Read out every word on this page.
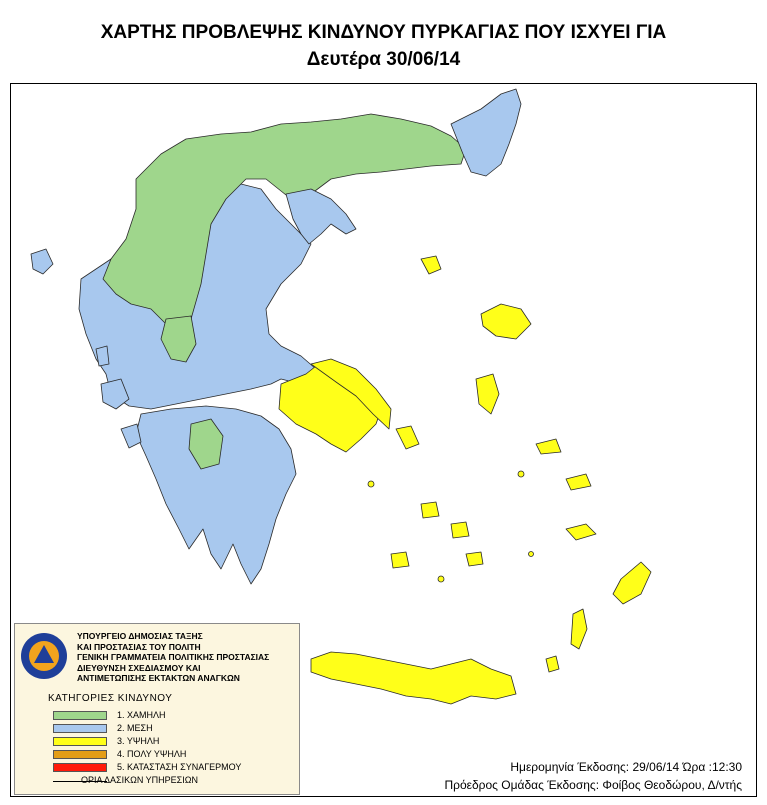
ΧΑΡΤΗΣ ΠΡΟΒΛΕΨΗΣ ΚΙΝΔΥΝΟΥ ΠΥΡΚΑΓΙΑΣ ΠΟΥ ΙΣΧΥΕΙ ΓΙΑ
Δευτέρα 30/06/14
ΥΠΟΥΡΓΕΙΟ ΔΗΜΟΣΙΑΣ ΤΑΞΗΣ
ΚΑΙ ΠΡΟΣΤΑΣΙΑΣ ΤΟΥ ΠΟΛΙΤΗ
ΓΕΝΙΚΗ ΓΡΑΜΜΑΤΕΙΑ ΠΟΛΙΤΙΚΗΣ ΠΡΟΣΤΑΣΙΑΣ
ΔΙΕΥΘΥΝΣΗ ΣΧΕΔΙΑΣΜΟΥ ΚΑΙ
ΑΝΤΙΜΕΤΩΠΙΣΗΣ ΕΚΤΑΚΤΩΝ ΑΝΑΓΚΩΝ
ΚΑΤΗΓΟΡΙΕΣ ΚΙΝΔΥΝΟΥ
1. ΧΑΜΗΛΗ
2. ΜΕΣΗ
3. ΥΨΗΛΗ
4. ΠΟΛΥ ΥΨΗΛΗ
5. ΚΑΤΑΣΤΑΣΗ ΣΥΝΑΓΕΡΜΟΥ
ΟΡΙΑ ΔΑΣΙΚΩΝ ΥΠΗΡΕΣΙΩΝ
Ημερομηνία Έκδοσης: 29/06/14 Ώρα :12:30
Πρόεδρος Ομάδας Έκδοσης: Φοίβος Θεοδώρου, Δ/ντής
